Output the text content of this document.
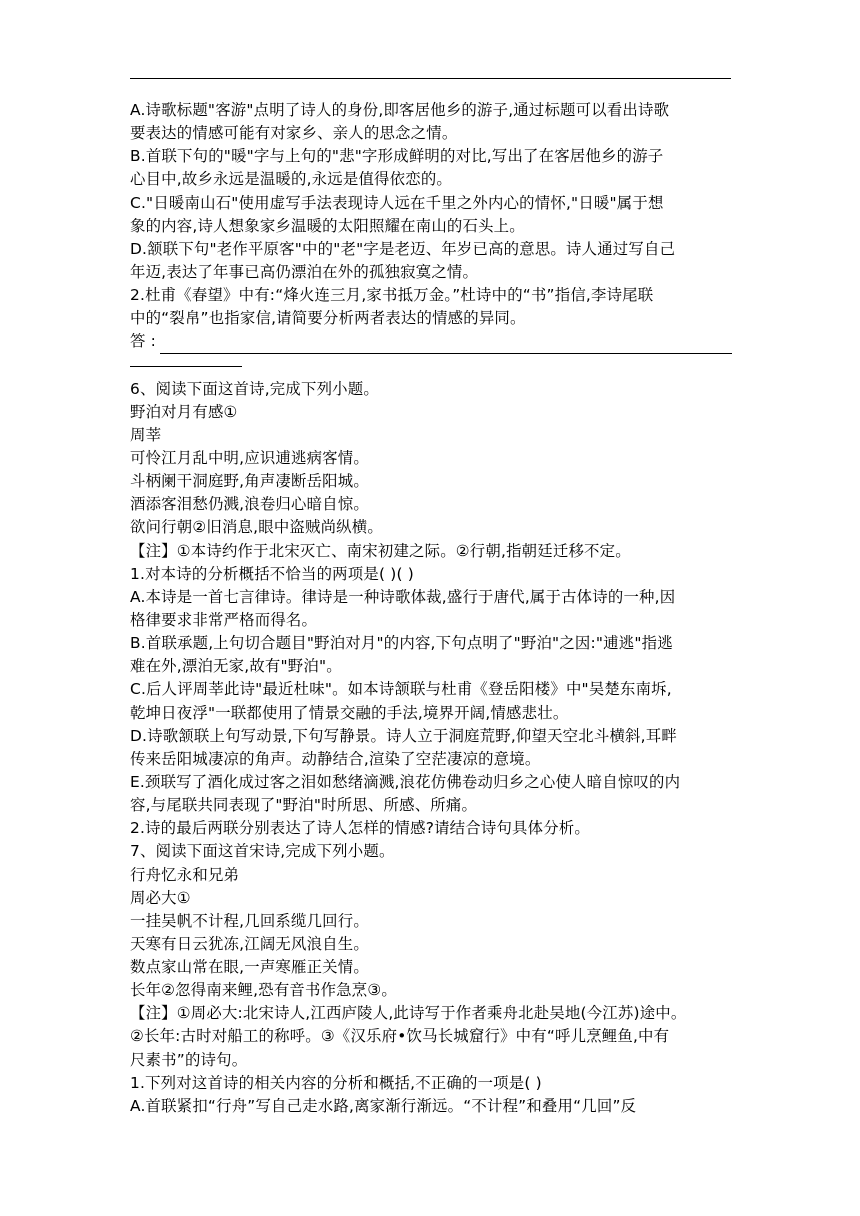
A.诗歌标题"客游"点明了诗人的身份,即客居他乡的游子,通过标题可以看出诗歌
要表达的情感可能有对家乡、亲人的思念之情。
B.首联下句的"暖"字与上句的"悲"字形成鲜明的对比,写出了在客居他乡的游子
心目中,故乡永远是温暖的,永远是值得依恋的。
C."日暖南山石"使用虚写手法表现诗人远在千里之外内心的情怀,"日暖"属于想
象的内容,诗人想象家乡温暖的太阳照耀在南山的石头上。
D.颔联下句"老作平原客"中的"老"字是老迈、年岁已高的意思。诗人通过写自己
年迈,表达了年事已高仍漂泊在外的孤独寂寞之情。
2.杜甫《春望》中有:“烽火连三月,家书抵万金。”杜诗中的“书”指信,李诗尾联
中的“裂帛”也指家信,请简要分析两者表达的情感的异同。
答 :
6、阅读下面这首诗,完成下列小题。
野泊对月有感①
周莘
可怜江月乱中明,应识逋逃病客情。
斗柄阑干洞庭野,角声凄断岳阳城。
酒添客泪愁仍溅,浪卷归心暗自惊。
欲问行朝②旧消息,眼中盗贼尚纵横。
【注】①本诗约作于北宋灭亡、南宋初建之际。②行朝,指朝廷迁移不定。
1.对本诗的分析概括不恰当的两项是( )( )
A.本诗是一首七言律诗。律诗是一种诗歌体裁,盛行于唐代,属于古体诗的一种,因
格律要求非常严格而得名。
B.首联承题,上句切合题目"野泊对月"的内容,下句点明了"野泊"之因:"逋逃"指逃
难在外,漂泊无家,故有"野泊"。
C.后人评周莘此诗"最近杜味"。如本诗颔联与杜甫《登岳阳楼》中"吴楚东南坼,
乾坤日夜浮"一联都使用了情景交融的手法,境界开阔,情感悲壮。
D.诗歌颔联上句写动景,下句写静景。诗人立于洞庭荒野,仰望天空北斗横斜,耳畔
传来岳阳城凄凉的角声。动静结合,渲染了空茫凄凉的意境。
E.颈联写了酒化成过客之泪如愁绪滴溅,浪花仿佛卷动归乡之心使人暗自惊叹的内
容,与尾联共同表现了"野泊"时所思、所感、所痛。
2.诗的最后两联分别表达了诗人怎样的情感?请结合诗句具体分析。
7、阅读下面这首宋诗,完成下列小题。
行舟忆永和兄弟
周必大①
一挂吴帆不计程,几回系缆几回行。
天寒有日云犹冻,江阔无风浪自生。
数点家山常在眼,一声寒雁正关情。
长年②忽得南来鲤,恐有音书作急烹③。
【注】①周必大:北宋诗人,江西庐陵人,此诗写于作者乘舟北赴吴地(今江苏)途中。
②长年:古时对船工的称呼。③《汉乐府•饮马长城窟行》中有“呼儿烹鲤鱼,中有
尺素书”的诗句。
1.下列对这首诗的相关内容的分析和概括,不正确的一项是( )
A.首联紧扣“行舟”写自己走水路,离家渐行渐远。“不计程”和叠用“几回”反
